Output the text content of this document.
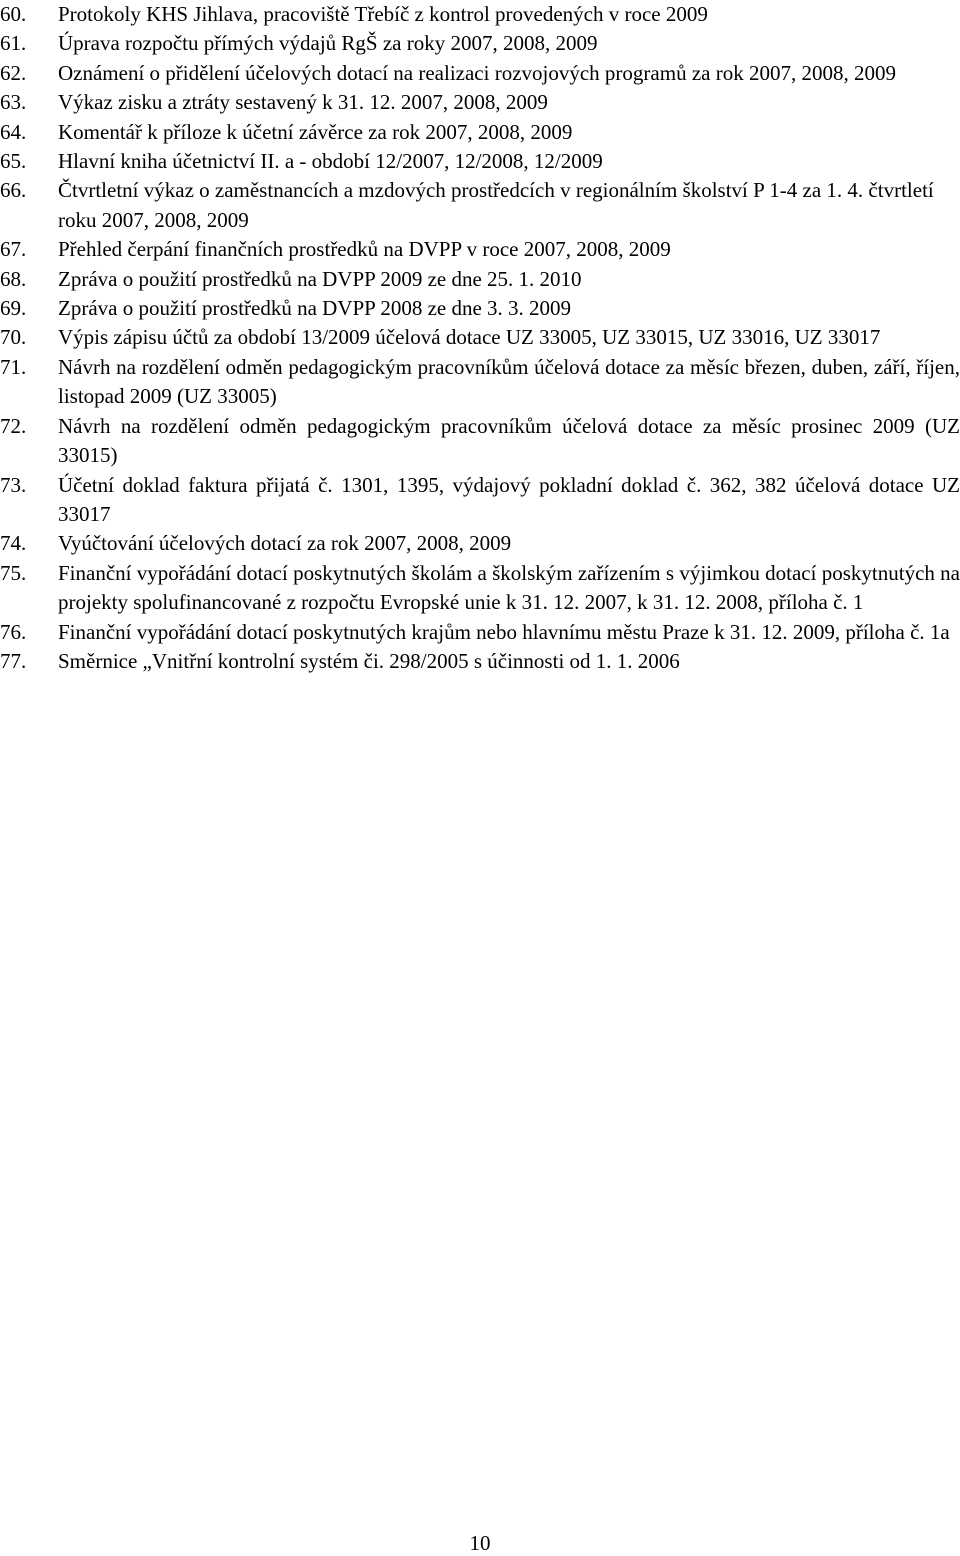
60.	Protokoly KHS Jihlava, pracoviště Třebíč z kontrol provedených v roce 2009
61.	Úprava rozpočtu přímých výdajů RgŠ za roky 2007, 2008, 2009
62.	Oznámení o přidělení účelových dotací na realizaci rozvojových programů za rok 2007, 2008, 2009
63.	Výkaz zisku a ztráty sestavený k 31. 12. 2007, 2008, 2009
64.	Komentář k příloze k účetní závěrce za rok 2007, 2008, 2009
65.	Hlavní kniha účetnictví II. a - období 12/2007, 12/2008, 12/2009
66.	Čtvrtletní výkaz o zaměstnancích a mzdových prostředcích v regionálním školství P 1-4 za 1. 4. čtvrtletí roku 2007, 2008, 2009
67.	Přehled čerpání finančních prostředků na DVPP v roce 2007, 2008, 2009
68.	Zpráva o použití prostředků na DVPP 2009 ze dne 25. 1. 2010
69.	Zpráva o použití prostředků na DVPP 2008 ze dne 3. 3. 2009
70.	Výpis zápisu účtů za období 13/2009 účelová dotace UZ 33005, UZ 33015, UZ 33016, UZ 33017
71.	Návrh na rozdělení odměn pedagogickým pracovníkům účelová dotace za měsíc březen, duben, září, říjen, listopad 2009 (UZ 33005)
72.	Návrh na rozdělení odměn pedagogickým pracovníkům účelová dotace za měsíc prosinec 2009 (UZ 33015)
73.	Účetní doklad faktura přijatá č. 1301, 1395, výdajový pokladní doklad č. 362, 382 účelová dotace UZ 33017
74.	Vyúčtování účelových dotací za rok 2007, 2008, 2009
75.	Finanční vypořádání dotací poskytnutých školám a školským zařízením s výjimkou dotací poskytnutých na projekty spolufinancované z rozpočtu Evropské unie k 31. 12. 2007, k 31. 12. 2008, příloha č. 1
76.	Finanční vypořádání dotací poskytnutých krajům nebo hlavnímu městu Praze k 31. 12. 2009, příloha č. 1a
77.	Směrnice „Vnitřní kontrolní systém či. 298/2005 s účinnosti od 1. 1. 2006
10
